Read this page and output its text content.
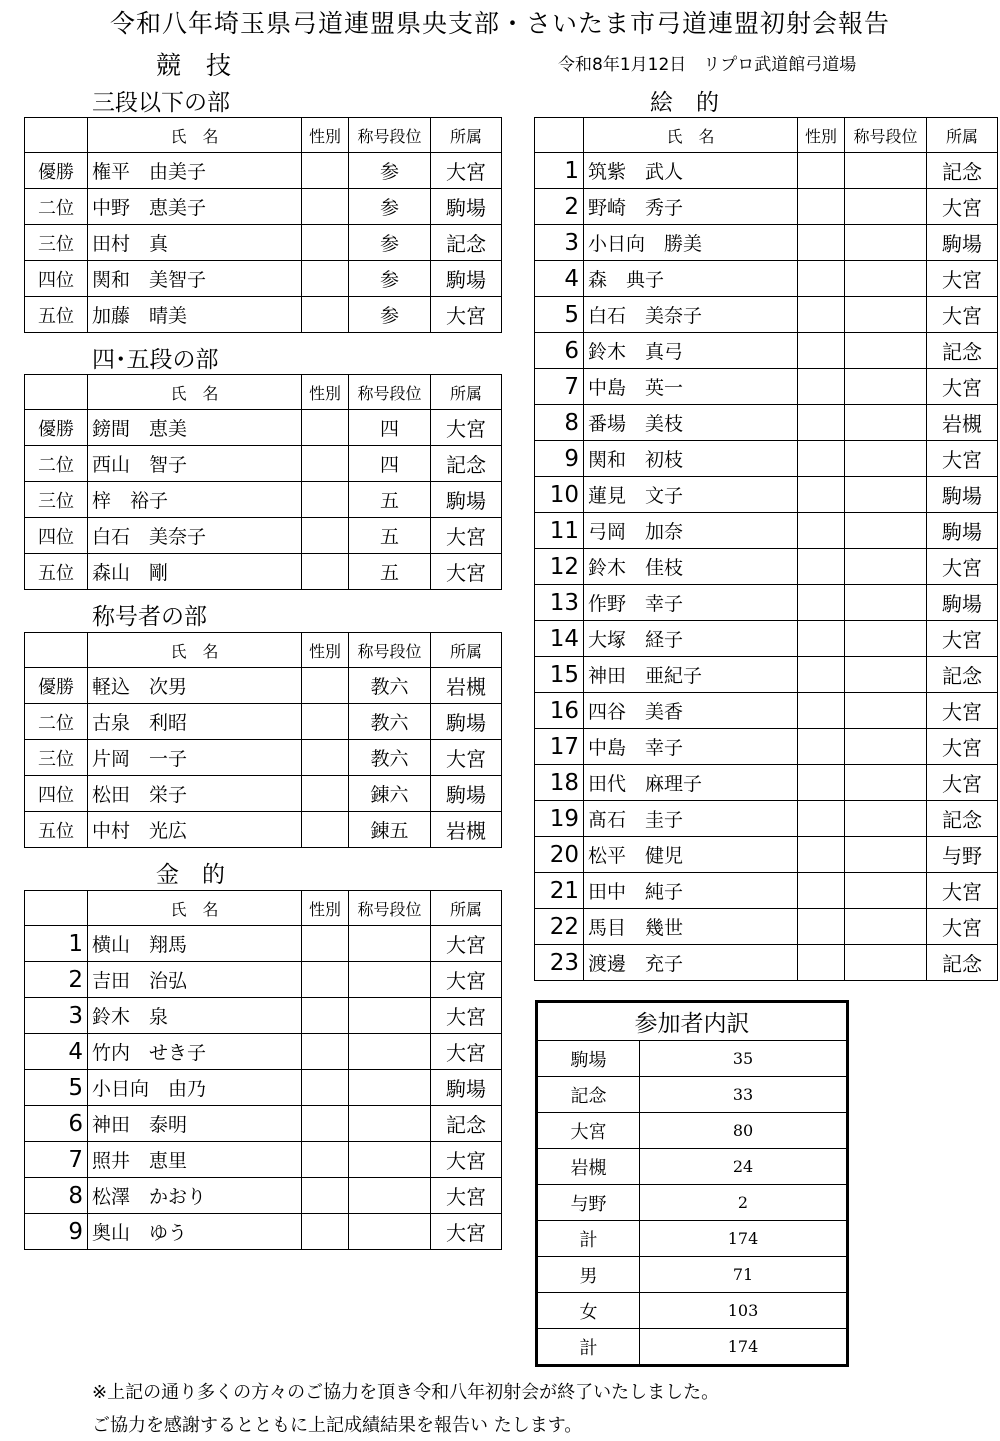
令和八年埼玉県弓道連盟県央支部・さいたま市弓道連盟初射会報告
競　技	令和8年1月12日　リプロ武道館弓道場
三段以下の部
	氏　名	性別	称号段位	所属
優勝	権平　由美子		参	大宮
二位	中野　恵美子		参	駒場
三位	田村　真		参	記念
四位	関和　美智子		参	駒場
五位	加藤　晴美		参	大宮
四･五段の部
	氏　名	性別	称号段位	所属
優勝	鎊間　恵美		四	大宮
二位	西山　智子		四	記念
三位	梓　裕子		五	駒場
四位	白石　美奈子		五	大宮
五位	森山　剛		五	大宮
称号者の部
	氏　名	性別	称号段位	所属
優勝	軽込　次男		教六	岩槻
二位	古泉　利昭		教六	駒場
三位	片岡　一子		教六	大宮
四位	松田　栄子		錬六	駒場
五位	中村　光広		錬五	岩槻
金　的
	氏　名	性別	称号段位	所属
1	横山　翔馬			大宮
2	吉田　治弘			大宮
3	鈴木　泉			大宮
4	竹内　せき子			大宮
5	小日向　由乃			駒場
6	神田　泰明			記念
7	照井　恵里			大宮
8	松澤　かおり			大宮
9	奥山　ゆう			大宮
絵　的
	氏　名	性別	称号段位	所属
1	筑紫　武人			記念
2	野崎　秀子			大宮
3	小日向　勝美			駒場
4	森　典子			大宮
5	白石　美奈子			大宮
6	鈴木　真弓			記念
7	中島　英一			大宮
8	番場　美枝			岩槻
9	関和　初枝			大宮
10	蓮見　文子			駒場
11	弓岡　加奈			駒場
12	鈴木　佳枝			大宮
13	作野　幸子			駒場
14	大塚　経子			大宮
15	神田　亜紀子			記念
16	四谷　美香			大宮
17	中島　幸子			大宮
18	田代　麻理子			大宮
19	髙石　圭子			記念
20	松平　健児			与野
21	田中　純子			大宮
22	馬目　幾世			大宮
23	渡邊　充子			記念
参加者内訳	
駒場	35
記念	33
大宮	80
岩槻	24
与野	2
計	174
男	71
女	103
計	174
※上記の通り多くの方々のご協力を頂き令和八年初射会が終了いたしました。
ご協力を感謝するとともに上記成績結果を報告い たします。
